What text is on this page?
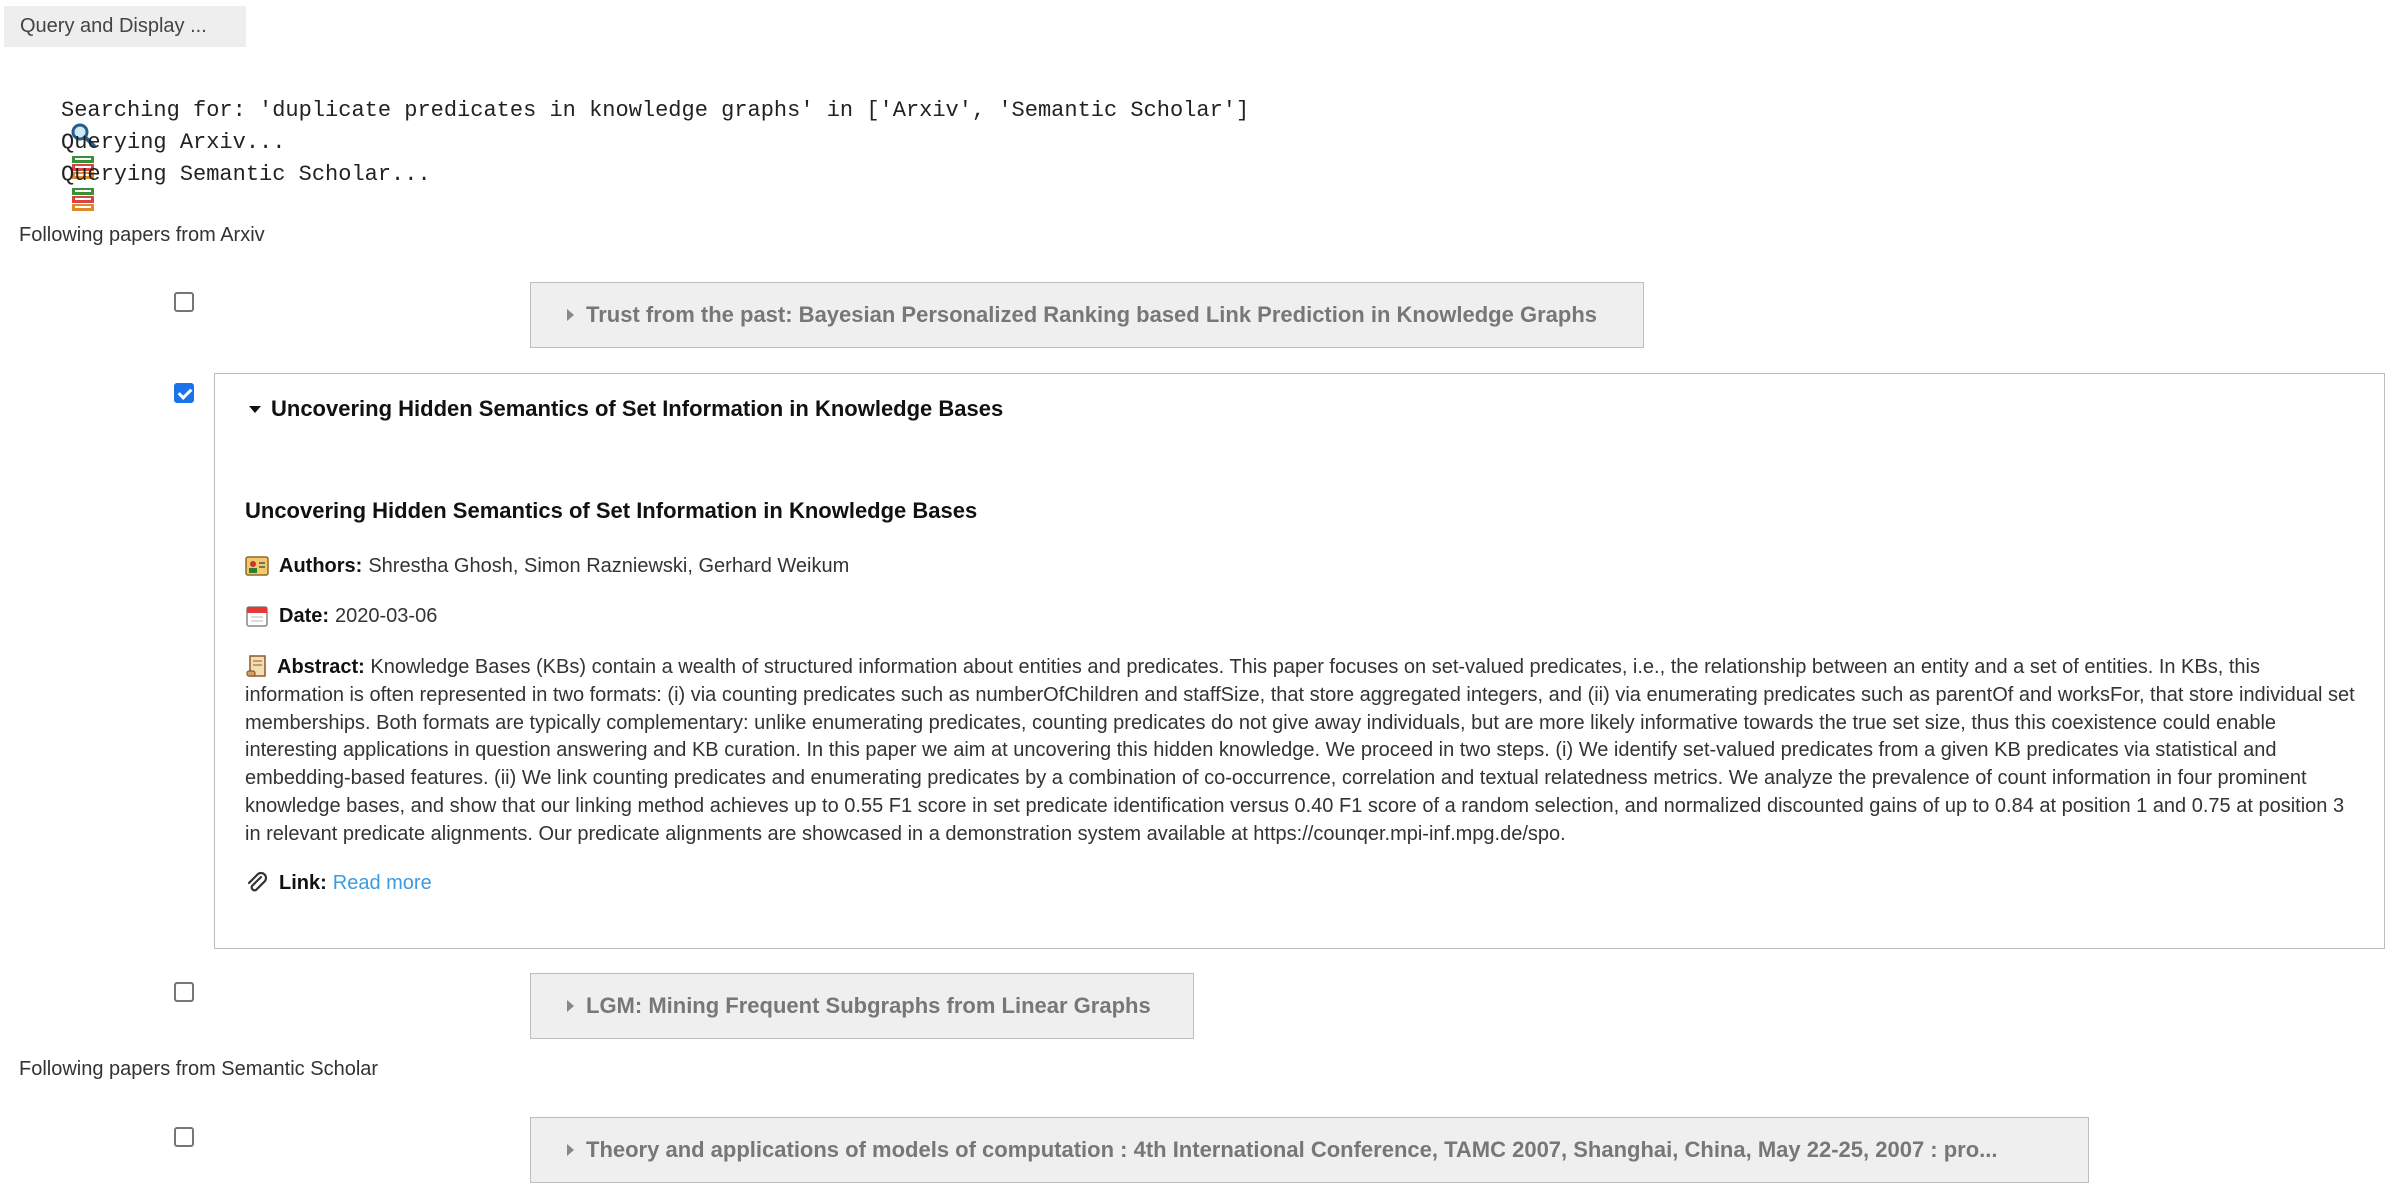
Query and Display ...

Searching for: 'duplicate predicates in knowledge graphs' in ['Arxiv', 'Semantic Scholar']

Querying Arxiv...

Querying Semantic Scholar...
Following papers from Arxiv
Trust from the past: Bayesian Personalized Ranking based Link Prediction in Knowledge Graphs
Uncovering Hidden Semantics of Set Information in Knowledge Bases
Uncovering Hidden Semantics of Set Information in Knowledge Bases
Authors: Shrestha Ghosh, Simon Razniewski, Gerhard Weikum
Date: 2020-03-06
Abstract: Knowledge Bases (KBs) contain a wealth of structured information about entities and predicates. This paper focuses on set-valued predicates, i.e., the relationship between an entity and a set of entities. In KBs, this information is often represented in two formats: (i) via counting predicates such as numberOfChildren and staffSize, that store aggregated integers, and (ii) via enumerating predicates such as parentOf and worksFor, that store individual set memberships. Both formats are typically complementary: unlike enumerating predicates, counting predicates do not give away individuals, but are more likely informative towards the true set size, thus this coexistence could enable interesting applications in question answering and KB curation. In this paper we aim at uncovering this hidden knowledge. We proceed in two steps. (i) We identify set-valued predicates from a given KB predicates via statistical and embedding-based features. (ii) We link counting predicates and enumerating predicates by a combination of co-occurrence, correlation and textual relatedness metrics. We analyze the prevalence of count information in four prominent knowledge bases, and show that our linking method achieves up to 0.55 F1 score in set predicate identification versus 0.40 F1 score of a random selection, and normalized discounted gains of up to 0.84 at position 1 and 0.75 at position 3 in relevant predicate alignments. Our predicate alignments are showcased in a demonstration system available at https://counqer.mpi-inf.mpg.de/spo.
Link: Read more
LGM: Mining Frequent Subgraphs from Linear Graphs
Following papers from Semantic Scholar
Theory and applications of models of computation : 4th International Conference, TAMC 2007, Shanghai, China, May 22-25, 2007 : pro...
